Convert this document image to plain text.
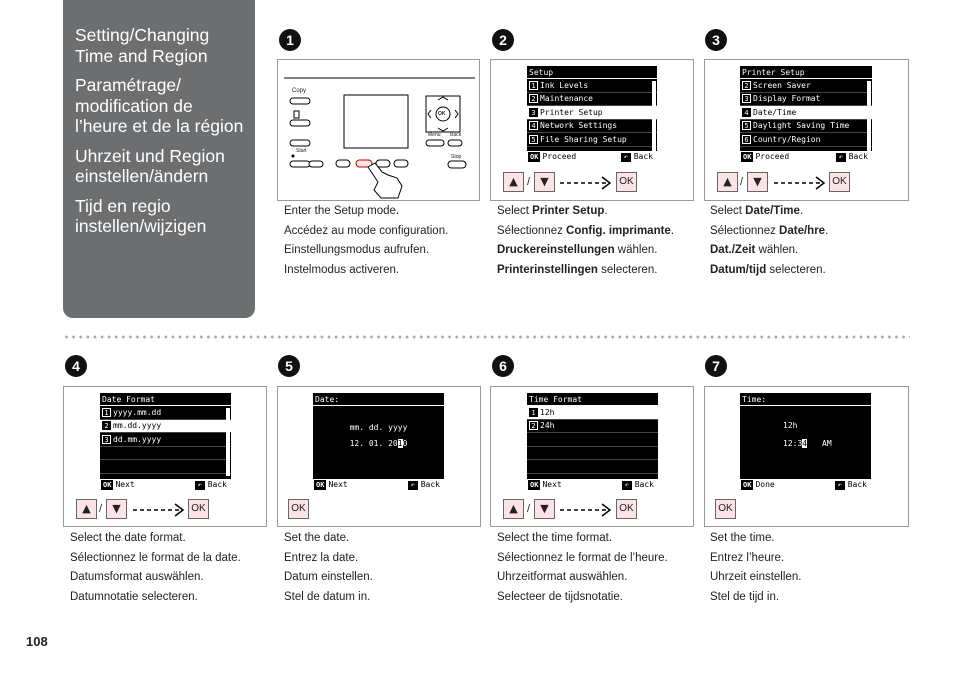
Setting/Changing Time and Region
Paramétrage/ modification de l’heure et de la région
Uhrzeit und Region einstellen/ändern
Tijd en regio instellen/wijzigen
1
Copy
Menu Back
Start
Stop
OK
Enter the Setup mode.
Accédez au mode configuration.
Einstellungsmodus aufrufen.
Instelmodus activeren.
2
Setup
1 Ink Levels
2 Maintenance
3 Printer Setup
4 Network Settings
5 File Sharing Setup
OK Proceed	↶ Back
▲ / ▼	OK
Select Printer Setup.
Sélectionnez Config. imprimante.
Druckereinstellungen wählen.
Printerinstellingen selecteren.
3
Printer Setup
2 Screen Saver
3 Display Format
4 Date/Time
5 Daylight Saving Time
6 Country/Region
OK Proceed	↶ Back
▲ / ▼	OK
Select Date/Time.
Sélectionnez Date/hre.
Dat./Zeit wählen.
Datum/tijd selecteren.
4
Date Format
1 yyyy.mm.dd
2 mm.dd.yyyy
3 dd.mm.yyyy
OK Next	↶ Back
▲ / ▼	OK
Select the date format.
Sélectionnez le format de la date.
Datumsformat auswählen.
Datumnotatie selecteren.
5
Date:
mm. dd. yyyy
12. 01. 2010
OK Next	↶ Back
OK
Set the date.
Entrez la date.
Datum einstellen.
Stel de datum in.
6
Time Format
1 12h
2 24h
OK Next	↶ Back
▲ / ▼	OK
Select the time format.
Sélectionnez le format de l’heure.
Uhrzeitformat auswählen.
Selecteer de tijdsnotatie.
7
Time:
12h
12:34 AM
OK Done	↶ Back
OK
Set the time.
Entrez l’heure.
Uhrzeit einstellen.
Stel de tijd in.
108
